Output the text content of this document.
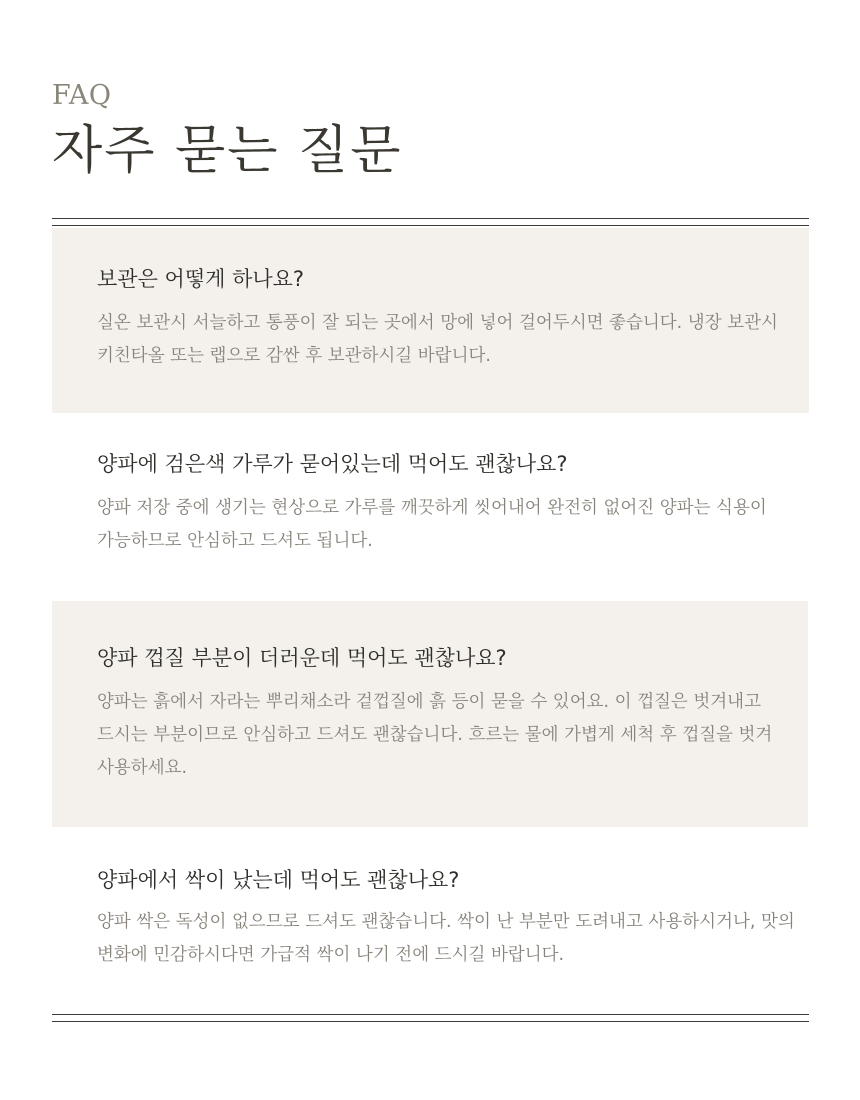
FAQ

자주 묻는 질문
보관은 어떻게 하나요?

실온 보관시 서늘하고 통풍이 잘 되는 곳에서 망에 넣어 걸어두시면 좋습니다. 냉장 보관시 키친타올 또는 랩으로 감싼 후 보관하시길 바랍니다.

양파에 검은색 가루가 묻어있는데 먹어도 괜찮나요?

양파 저장 중에 생기는 현상으로 가루를 깨끗하게 씻어내어 완전히 없어진 양파는 식용이 가능하므로 안심하고 드셔도 됩니다.

양파 껍질 부분이 더러운데 먹어도 괜찮나요?

양파는 흙에서 자라는 뿌리채소라 겉껍질에 흙 등이 묻을 수 있어요. 이 껍질은 벗겨내고 드시는 부분이므로 안심하고 드셔도 괜찮습니다. 흐르는 물에 가볍게 세척 후 껍질을 벗겨 사용하세요.

양파에서 싹이 났는데 먹어도 괜찮나요?

양파 싹은 독성이 없으므로 드셔도 괜찮습니다. 싹이 난 부분만 도려내고 사용하시거나, 맛의 변화에 민감하시다면 가급적 싹이 나기 전에 드시길 바랍니다.
